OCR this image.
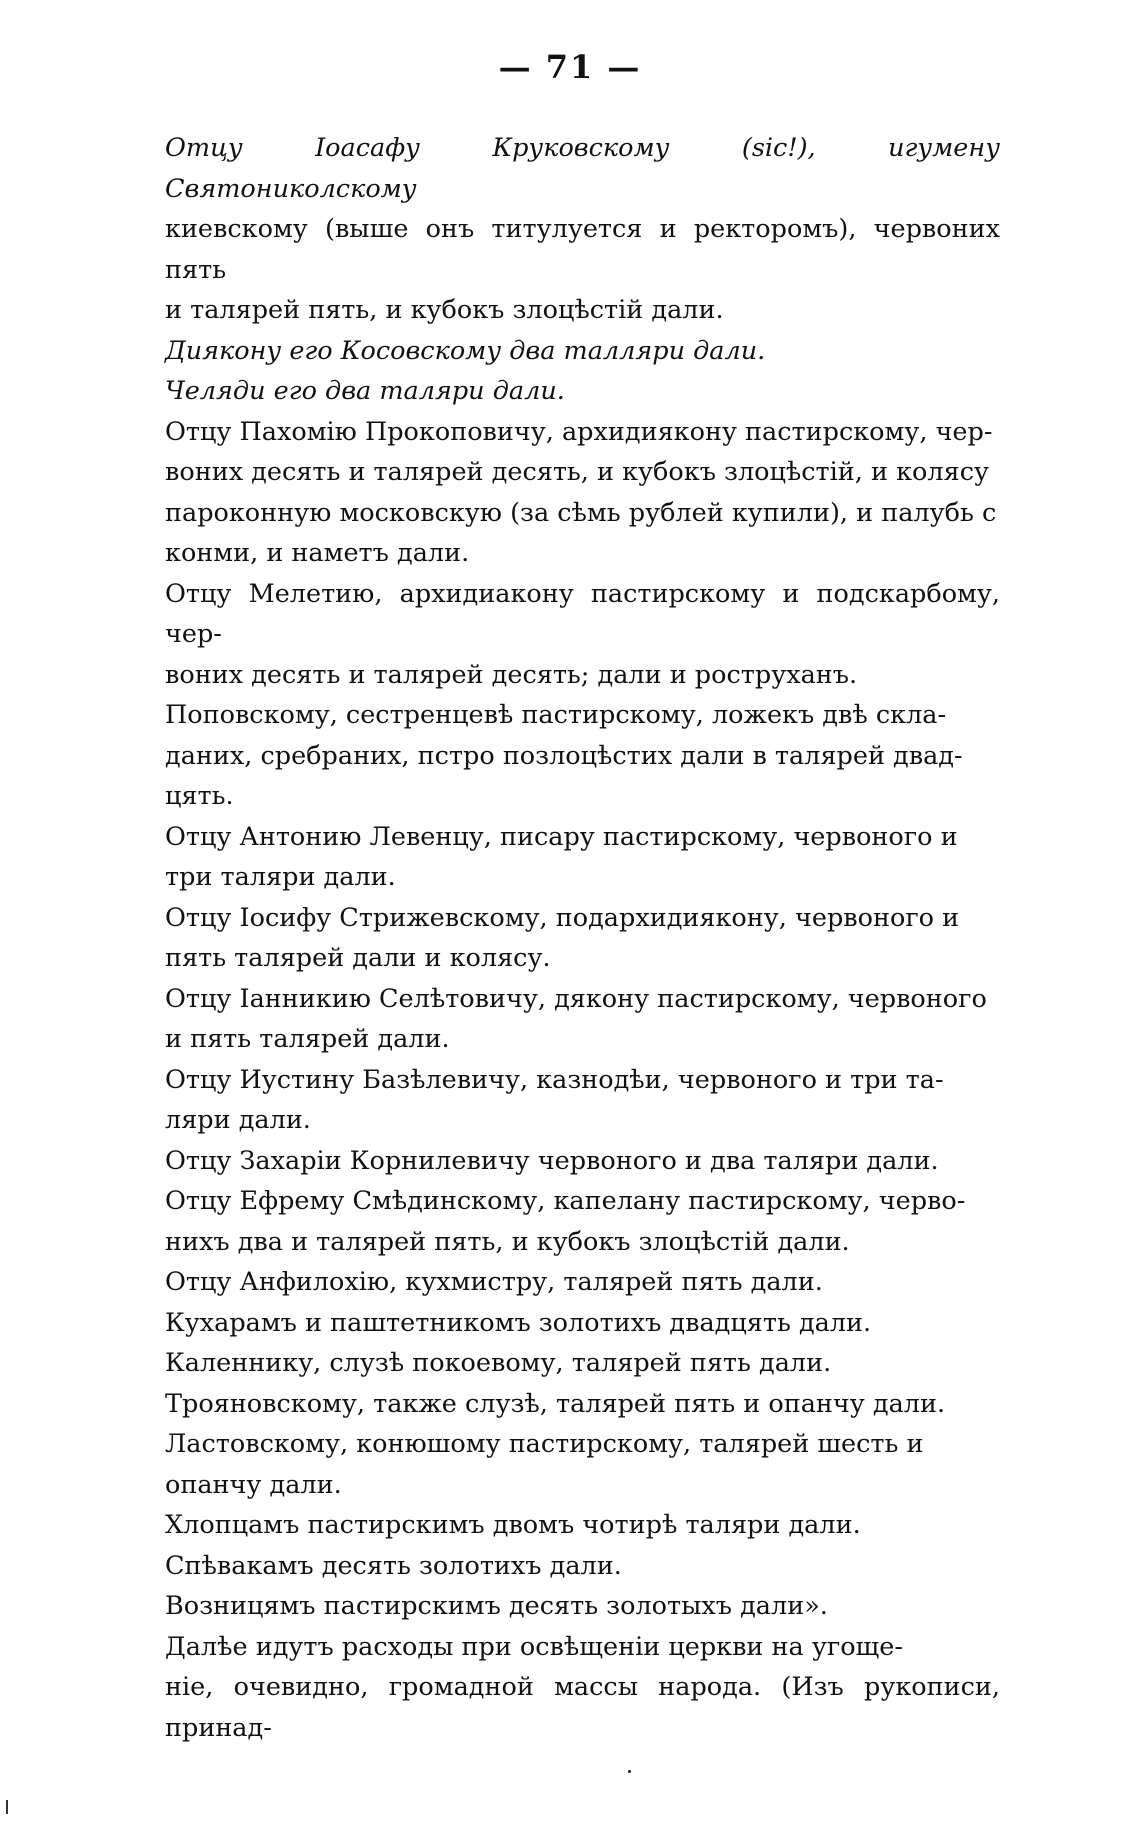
— 71 —
Отцу Іоасафу Круковскому (sic!), игумену Святониколскому
киевскому (выше онъ титулуется и ректоромъ), червоних пять
и талярей пять, и кубокъ злоцѣстій дали.
Диякону его Косовскому два талляри дали.
Челяди его два таляри дали.
Отцу Пахомію Прокоповичу, архидиякону пастирскому, чер-
воних десять и талярей десять, и кубокъ злоцѣстій, и колясу
пароконную московскую (за сѣмь рублей купили), и палубь с
конми, и наметъ дали.
Отцу Мелетию, архидиакону пастирскому и подскарбому, чер-
воних десять и талярей десять; дали и роструханъ.
Поповскому, сестренцевѣ пастирскому, ложекъ двѣ скла-
даних, сребраних, пстро позлоцѣстих дали в талярей двад-
цять.
Отцу Антонию Левенцу, писару пастирскому, червоного и
три таляри дали.
Отцу Іосифу Стрижевскому, подархидиякону, червоного и
пять талярей дали и колясу.
Отцу Іанникию Селѣтовичу, дякону пастирскому, червоного
и пять талярей дали.
Отцу Иустину Базѣлевичу, казнодѣи, червоного и три та-
ляри дали.
Отцу Захаріи Корнилевичу червоного и два таляри дали.
Отцу Ефрему Смѣдинскому, капелану пастирскому, черво-
нихъ два и талярей пять, и кубокъ злоцѣстій дали.
Отцу Анфилохію, кухмистру, талярей пять дали.
Кухарамъ и паштетникомъ золотихъ двадцять дали.
Каленнику, слузѣ покоевому, талярей пять дали.
Трояновскому, также слузѣ, талярей пять и опанчу дали.
Ластовскому, конюшому пастирскому, талярей шесть и
опанчу дали.
Хлопцамъ пастирскимъ двомъ чотирѣ таляри дали.
Спѣвакамъ десять золотихъ дали.
Возницямъ пастирскимъ десять золотыхъ дали».
Далѣе идутъ расходы при освѣщеніи церкви на угоще-
ніе, очевидно, громадной массы народа. (Изъ рукописи, принад-
